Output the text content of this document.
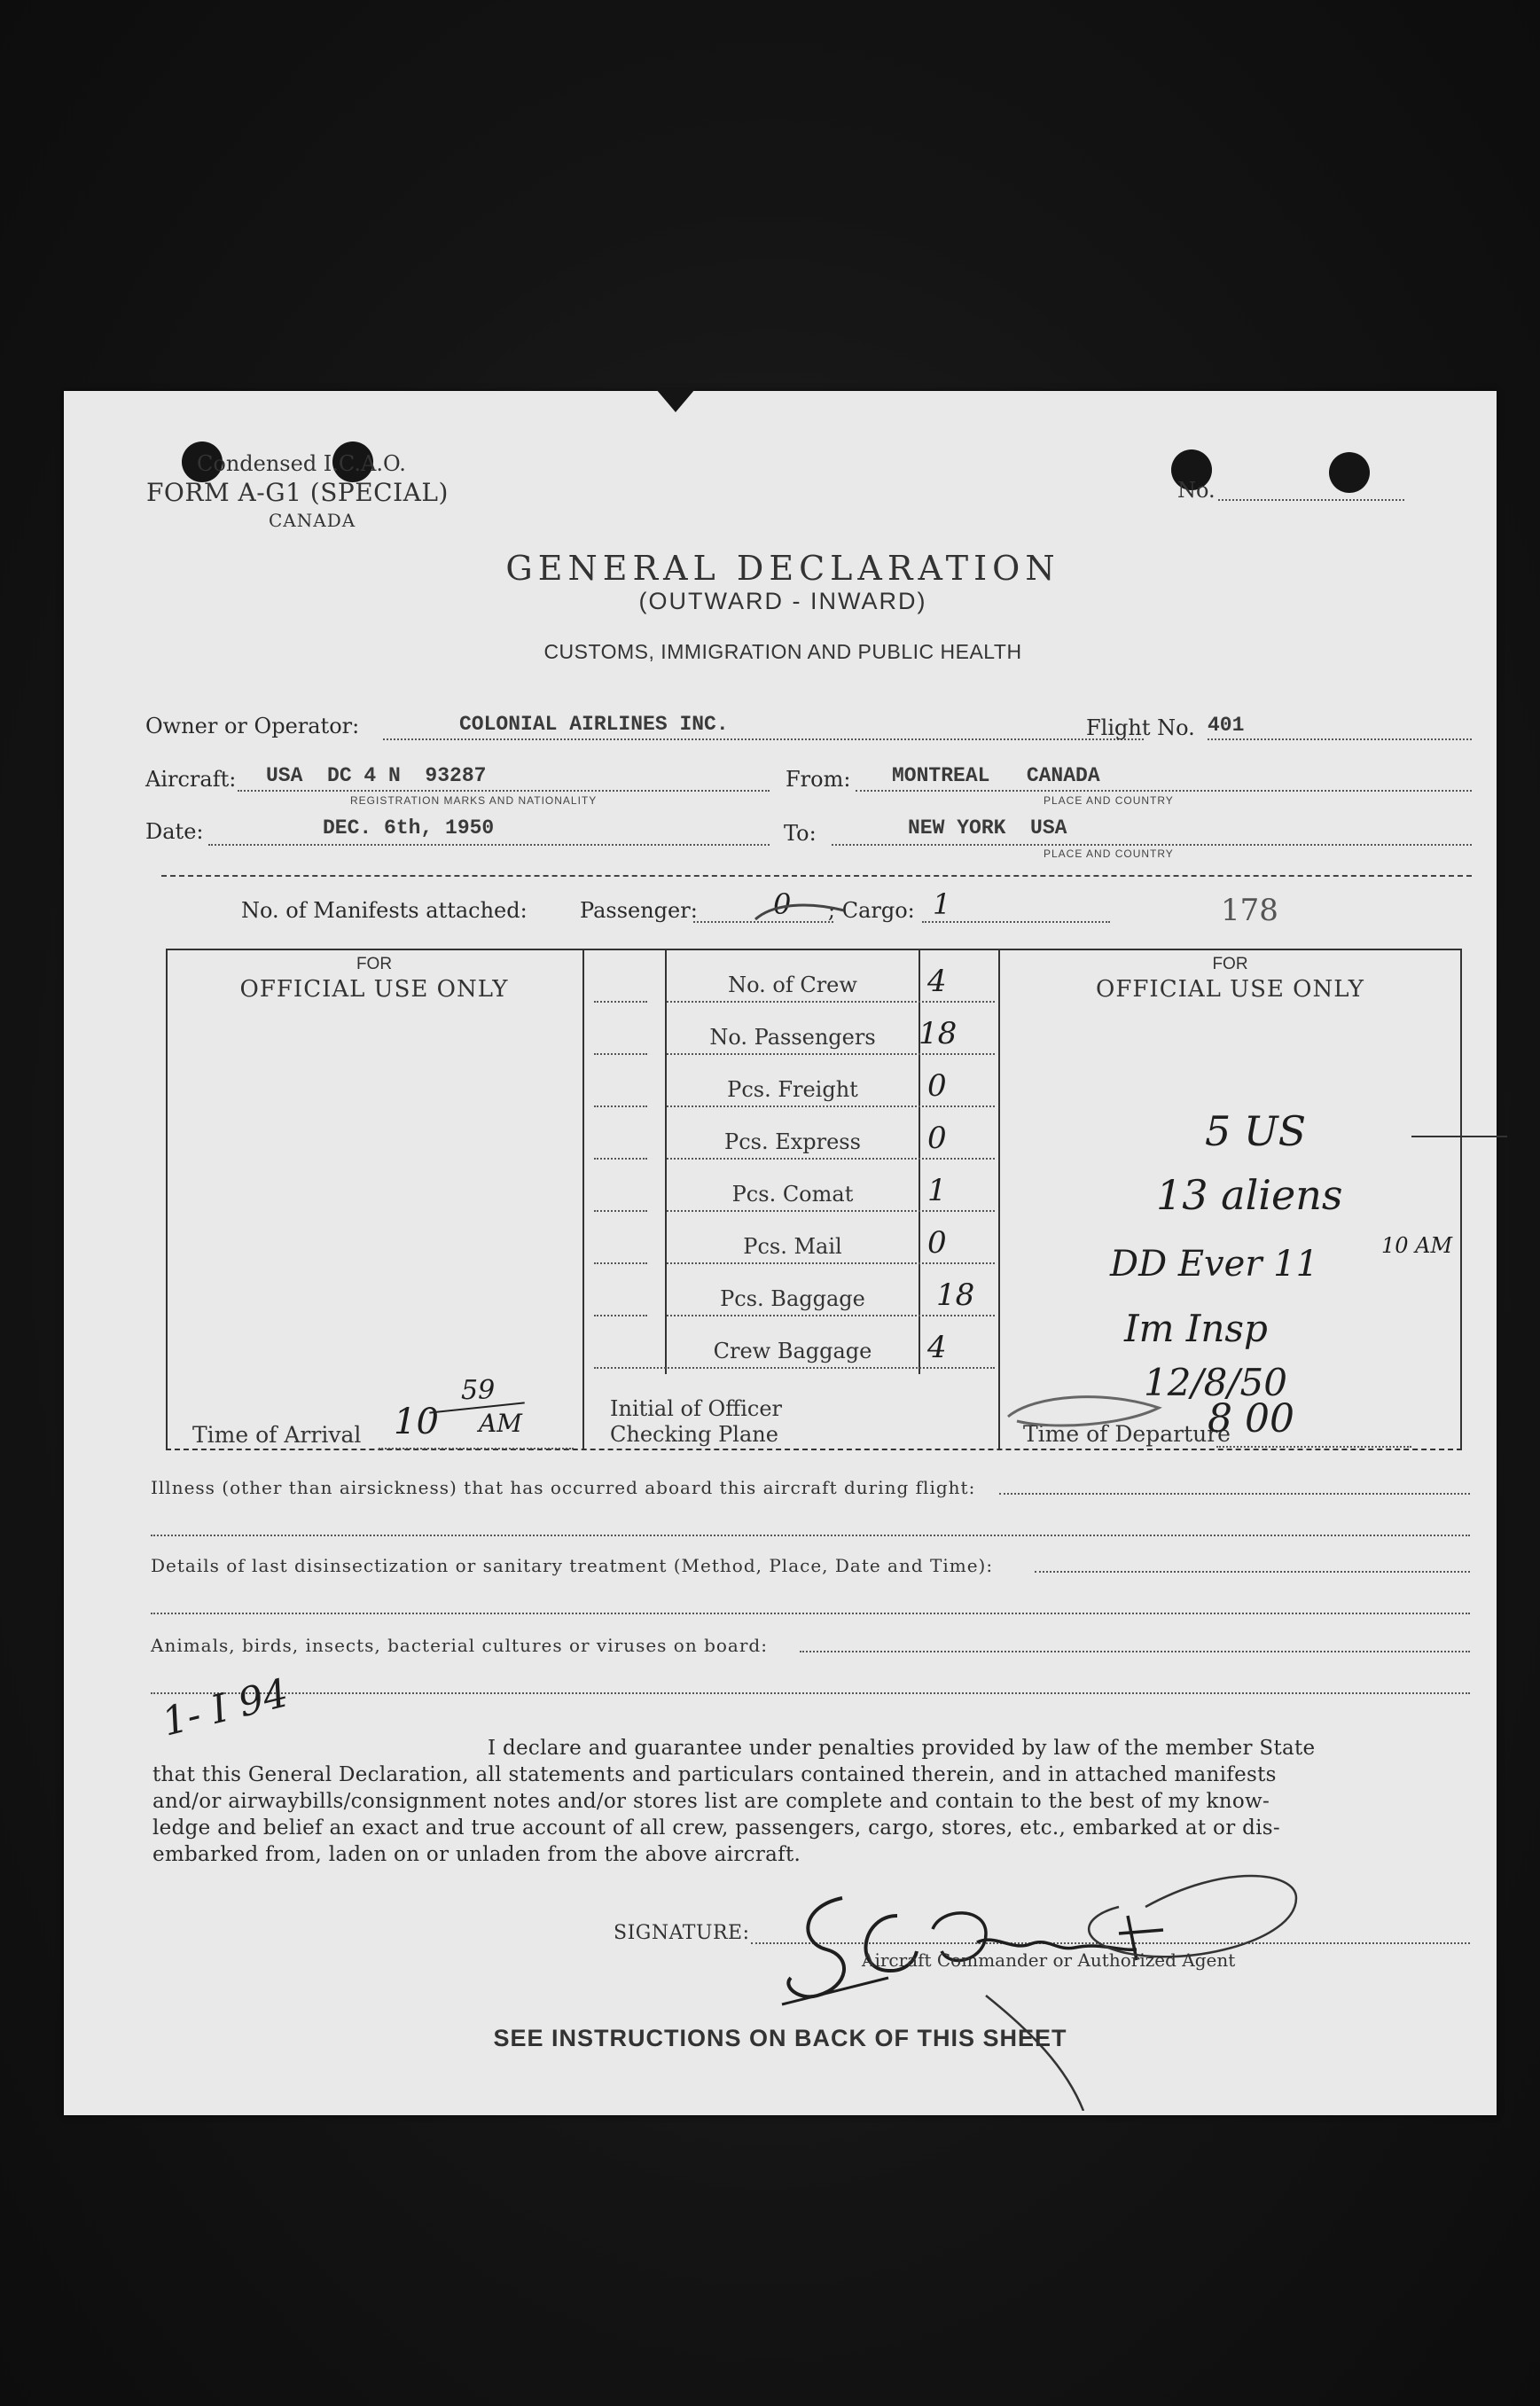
Condensed I.C.A.O.
FORM A-G1 (SPECIAL)
CANADA
No.
GENERAL DECLARATION
(OUTWARD - INWARD)
CUSTOMS, IMMIGRATION AND PUBLIC HEALTH
Owner or Operator:	COLONIAL AIRLINES INC.	Flight No. 401
Aircraft: USA  DC 4 N  93287
REGISTRATION MARKS AND NATIONALITY
From: MONTREAL   CANADA
PLACE AND COUNTRY
Date:	DEC. 6th, 1950	To:	NEW YORK  USA
PLACE AND COUNTRY
No. of Manifests attached: Passenger:	0 ; Cargo: 1	178
FOR
OFFICIAL USE ONLY
FOR
OFFICIAL USE ONLY
No. of Crew	4
No. Passengers	18
Pcs. Freight	0
Pcs. Express	0
Pcs. Comat	1
Pcs. Mail	0
Pcs. Baggage	18
Crew Baggage	4
Time of Arrival 10
59
AM	Initial of Officer
Checking Plane
5 US
13 aliens
DD Ever 11	10 AM
Im Insp
12/8/50
Time of Departure
8 00
Illness (other than airsickness) that has occurred aboard this aircraft during flight:
Details of last disinsectization or sanitary treatment (Method, Place, Date and Time):
Animals, birds, insects, bacterial cultures or viruses on board:
1- I 94
I declare and guarantee under penalties provided by law of the member State
that this General Declaration, all statements and particulars contained therein, and in attached manifests
and/or airwaybills/consignment notes and/or stores list are complete and contain to the best of my know-
ledge and belief an exact and true account of all crew, passengers, cargo, stores, etc., embarked at or dis-
embarked from, laden on or unladen from the above aircraft.
SIGNATURE:
Aircraft Commander or Authorized Agent
SEE INSTRUCTIONS ON BACK OF THIS SHEET
